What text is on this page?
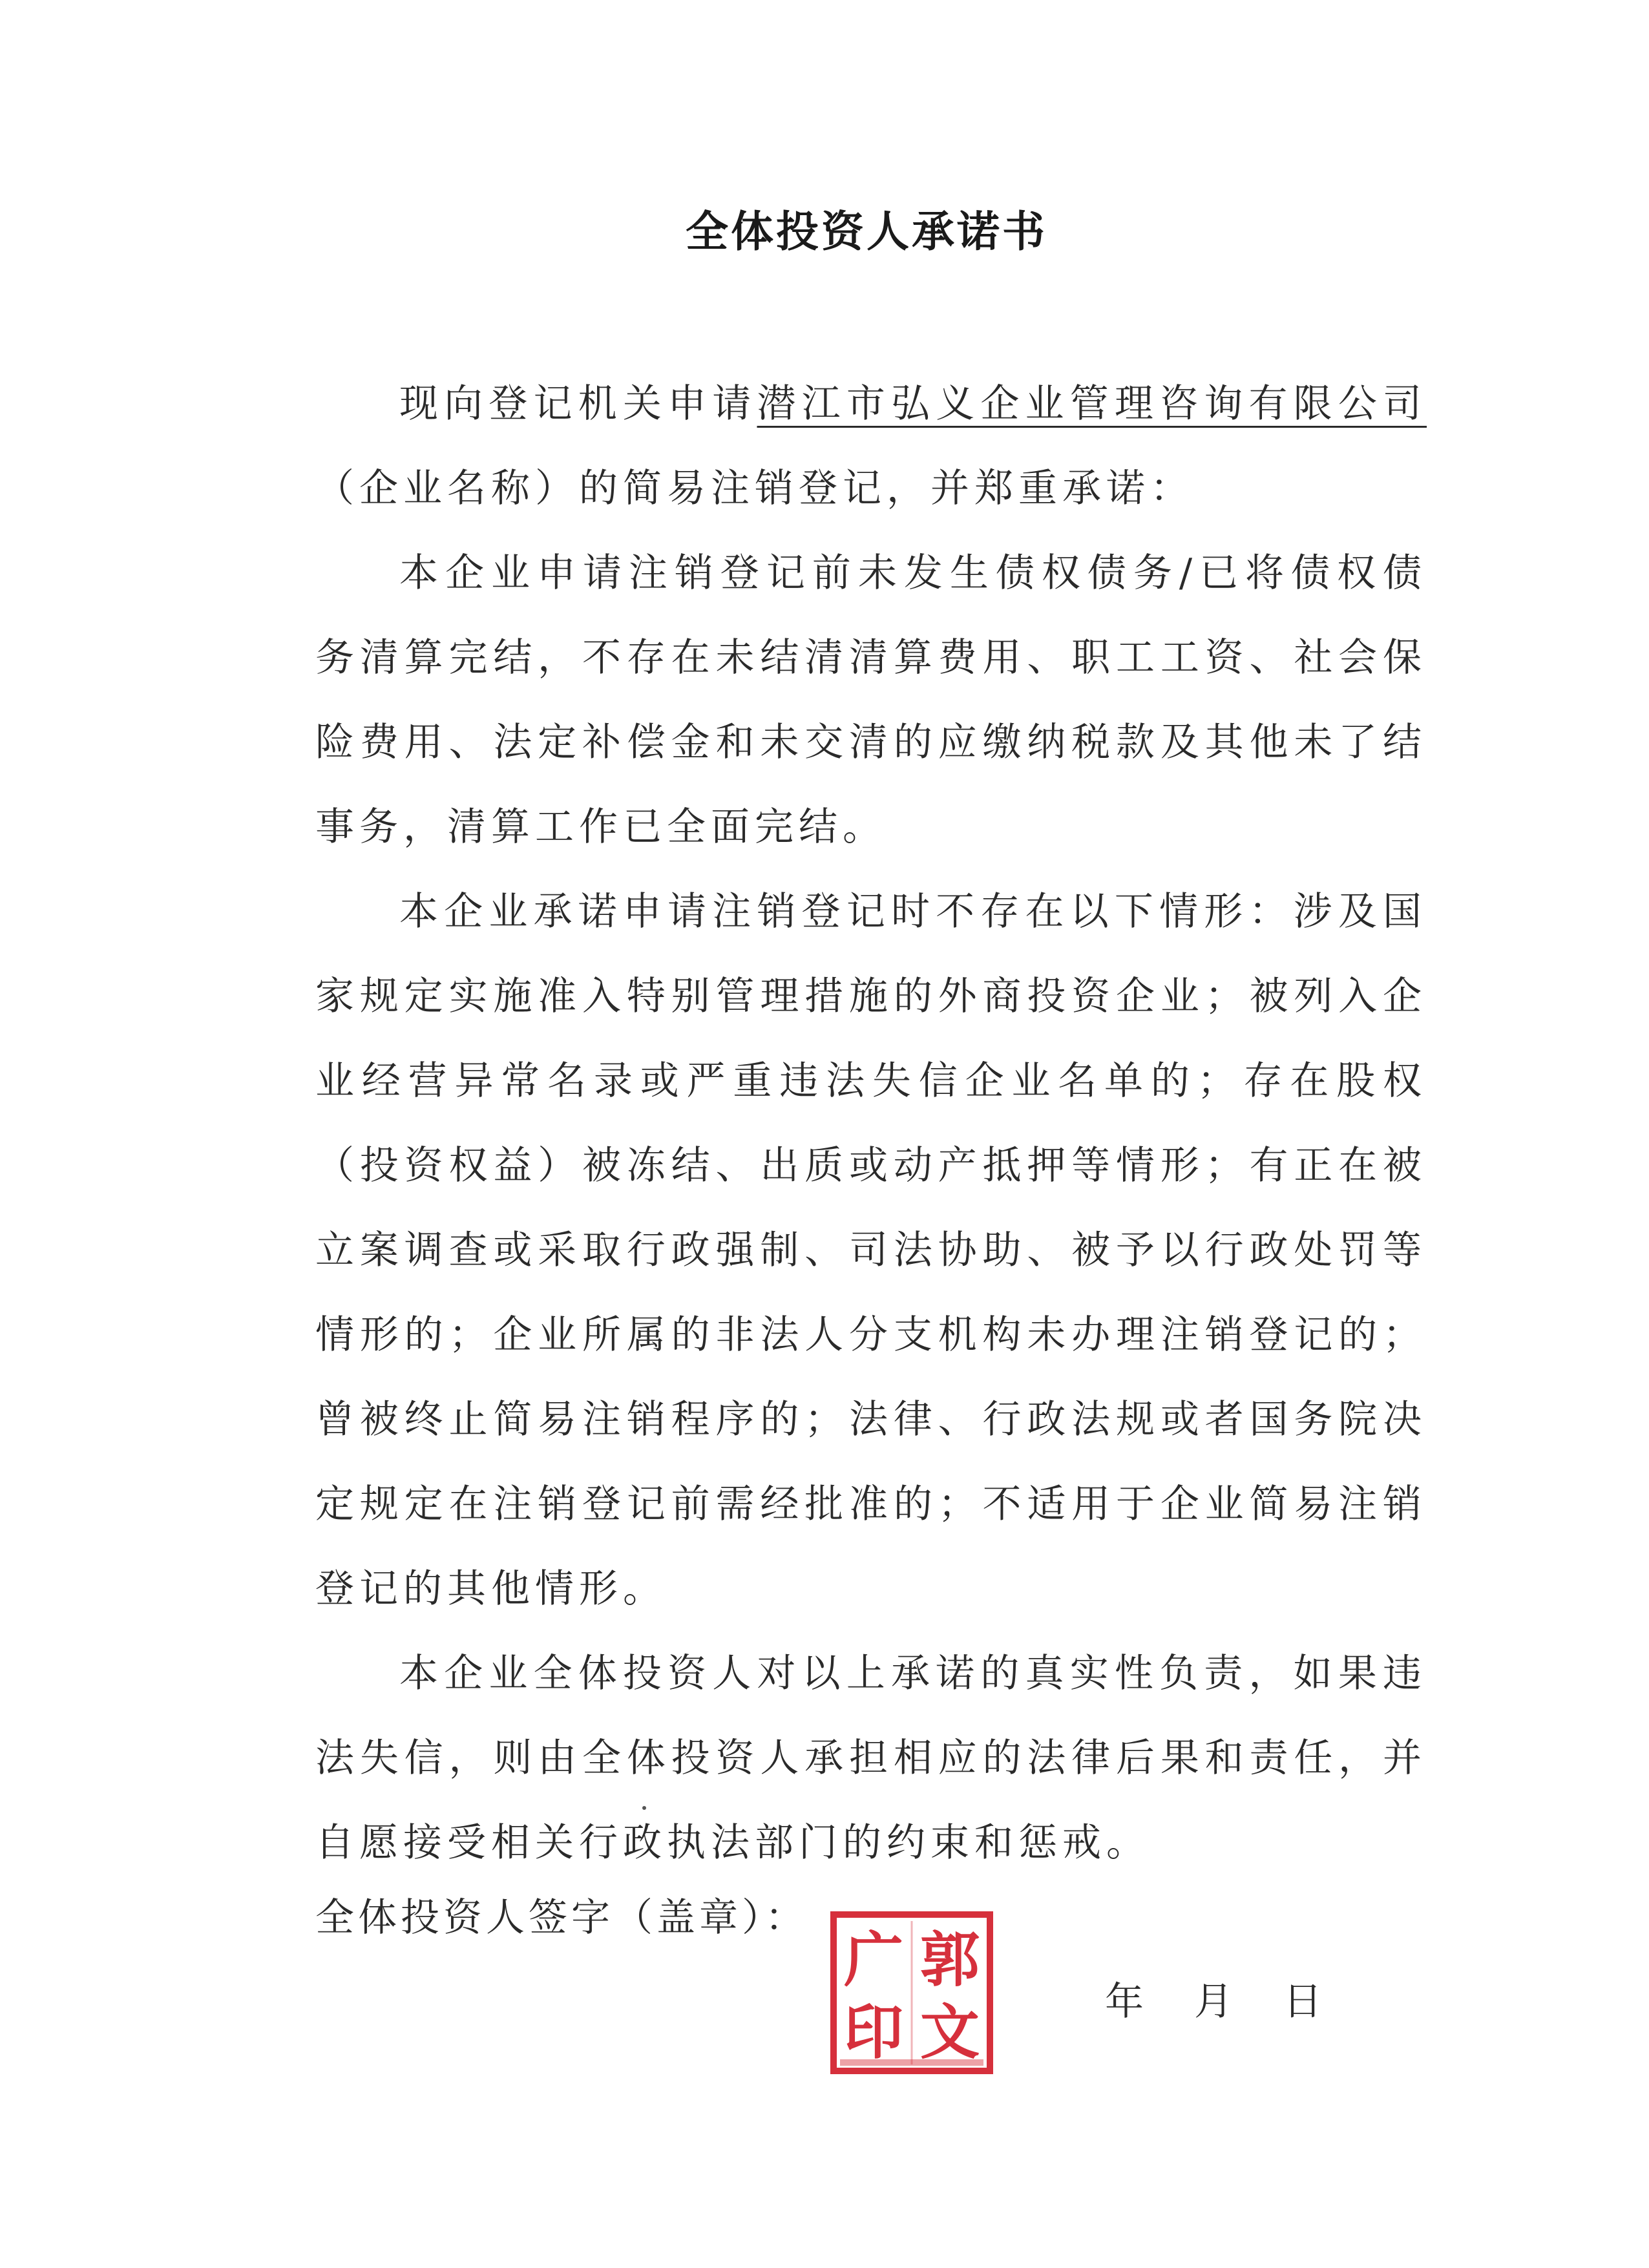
全体投资人承诺书

现向登记机关申请潜江市弘义企业管理咨询有限公司（企业名称）的简易注销登记，并郑重承诺：

本企业申请注销登记前未发生债权债务/已将债权债务清算完结，不存在未结清清算费用、职工工资、社会保险费用、法定补偿金和未交清的应缴纳税款及其他未了结事务，清算工作已全面完结。

本企业承诺申请注销登记时不存在以下情形：涉及国家规定实施准入特别管理措施的外商投资企业；被列入企业经营异常名录或严重违法失信企业名单的；存在股权（投资权益）被冻结、出质或动产抵押等情形；有正在被立案调查或采取行政强制、司法协助、被予以行政处罚等情形的；企业所属的非法人分支机构未办理注销登记的；曾被终止简易注销程序的；法律、行政法规或者国务院决定规定在注销登记前需经批准的；不适用于企业简易注销登记的其他情形。

本企业全体投资人对以上承诺的真实性负责，如果违法失信，则由全体投资人承担相应的法律后果和责任，并自愿接受相关行政执法部门的约束和惩戒。

全体投资人签字（盖章）：
广 郭
印 文	年 月 日
